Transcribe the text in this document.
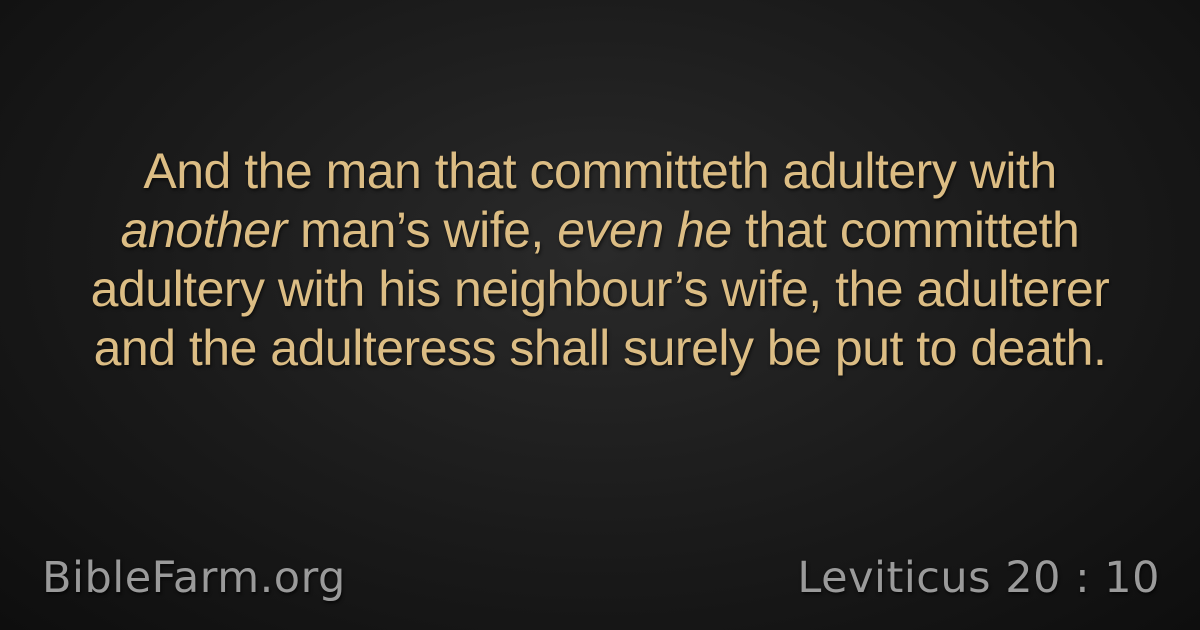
And the man that committeth adultery with
another man’s wife, even he that committeth
adultery with his neighbour’s wife, the adulterer
and the adulteress shall surely be put to death.
BibleFarm.org	Leviticus 20 : 10
